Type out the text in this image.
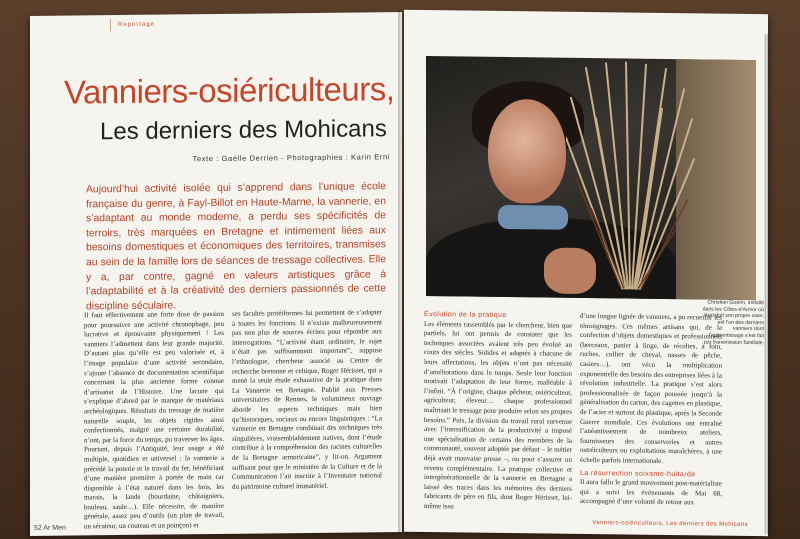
Reportage
Vanniers-osiériculteurs,
Les derniers des Mohicans
Texte : Gaëlle Derrien - Photographies : Karin Erni
Aujourd’hui activité isolée qui s’apprend dans l’unique école française du genre, à Fayl-Billot en Haute-Marne, la vannerie, en s’adaptant au monde moderne, a perdu ses spécificités de terroirs, très marquées en Bretagne et intimement liées aux besoins domestiques et économiques des territoires, transmises au sein de la famille lors de séances de tressage collectives. Elle y a, par contre, gagné en valeurs artistiques grâce à l’adaptabilité et à la créativité des derniers passionnés de cette discipline séculaire.
Il faut effectivement une forte dose de passion pour poursuivre une activité chronophage, peu lucrative et éprouvante physiquement ! Les vanniers l’admettent dans leur grande majorité. D’autant plus qu’elle est peu valorisée et, à l’image populaire d’une activité secondaire, s’ajoute l’absence de documentation scientifique concernant la plus ancienne forme connue d’artisanat de l’Histoire. Une lacune qui s’explique d’abord par le manque de matériaux archéologiques. Résultats du tressage de matière naturelle souple, les objets rigides ainsi confectionnés, malgré une certaine durabilité, n’ont, par la force du temps, pu traverser les âges. Pourtant, depuis l’Antiquité, leur usage a été multiple, quotidien et universel : la vannerie a précédé la poterie et le travail du fer, bénéficiant d’une manière première à portée de main car disponible à l’état naturel dans les bois, les marais, la lande (bourdaine, châtaigniers, bouleau, saule…). Elle nécessite, de manière générale, assez peu d’outils (un plan de travail, un sécateur, un couteau et un poinçon) et
ses facultés protéiformes lui permettent de s’adapter à toutes les fonctions. Il n’existe malheureusement pas non plus de sources écrites pour répondre aux interrogations. “L’activité étant ordinaire, le sujet n’était pas suffisamment important”, suppose l’ethnologue, chercheur associé au Centre de recherche bretonne et celtique, Roger Hérisset, qui a mené la seule étude exhaustive de la pratique dans La Vannerie en Bretagne. Publié aux Presses universitaires de Rennes, le volumineux ouvrage aborde les aspects techniques mais bien qu’historiques, sociaux ou encore linguistiques : “La vannerie en Bretagne combinait des techniques très singulières, vraisemblablement natives, dont l’étude contribue à la compréhension des racines culturelles de la Bretagne armoricaine”, y lit-on. Argument suffisant pour que le ministère de la Culture et de la Communication l’ait inscrite à l’Inventaire national du patrimoine culturel immatériel.
52 Ar Men
Christian Guérin, installé dans les Côtes-d’Armor où il produit son propre osier, est l’un des derniers vanniers dont l’apprentissage s’est fait par transmission familiale.
Évolution de la pratique
Les éléments rassemblés par le chercheur, bien que partiels, lui ont permis de constater que les techniques associées avaient très peu évolué au cours des siècles. Solides et adaptés à chacune de leurs affectations, les objets n’ont pas nécessité d’améliorations dans le temps. Seule leur fonction motivait l’adaptation de leur forme, malléable à l’infini. “À l’origine, chaque pêcheur, osiériculteur, agriculteur, éleveur… chaque professionnel maîtrisait le tressage pour produire selon ses propres besoins.” Puis, la division du travail rural survenue avec l’intensification de la productivité a imposé une spécialisation de certains des membres de la communauté, souvent adoptée par défaut – le métier déjà avait mauvaise presse –, ou pour s’assurer un revenu complémentaire. La pratique collective et intergénérationnelle de la vannerie en Bretagne a laissé des traces dans les mémoires des derniers fabricants de père en fils, dont Roger Hérisset, lui-même issu
d’une longue lignée de vanniers, a pu recueillir les témoignages. Ces mêmes artisans qui, de la confection d’objets domestiques et professionnels (berceaux, panier à linge, de récoltes, à foin, ruches, collier de cheval, nasses de pêche, casiers…), ont vécu la multiplication exponentielle des besoins des entreprises liées à la révolution industrielle. La pratique s’est alors professionnalisée de façon poussée jusqu’à la généralisation du carton, des cagettes en plastique, de l’acier et surtout du plastique, après la Seconde Guerre mondiale. Ces évolutions ont entraîné l’anéantissement de nombreux ateliers, fournisseurs des conserveries et autres ostréiculteurs ou exploitations maraîchères, à une échelle parfois internationale.
La résurrection soixante-huitarde
Il aura fallu le grand mouvement post-matérialiste qui a suivi les événements de Mai 68, accompagné d’une volonté de retour aux
Vanniers-osiériculteurs, Les derniers des Mohicans
